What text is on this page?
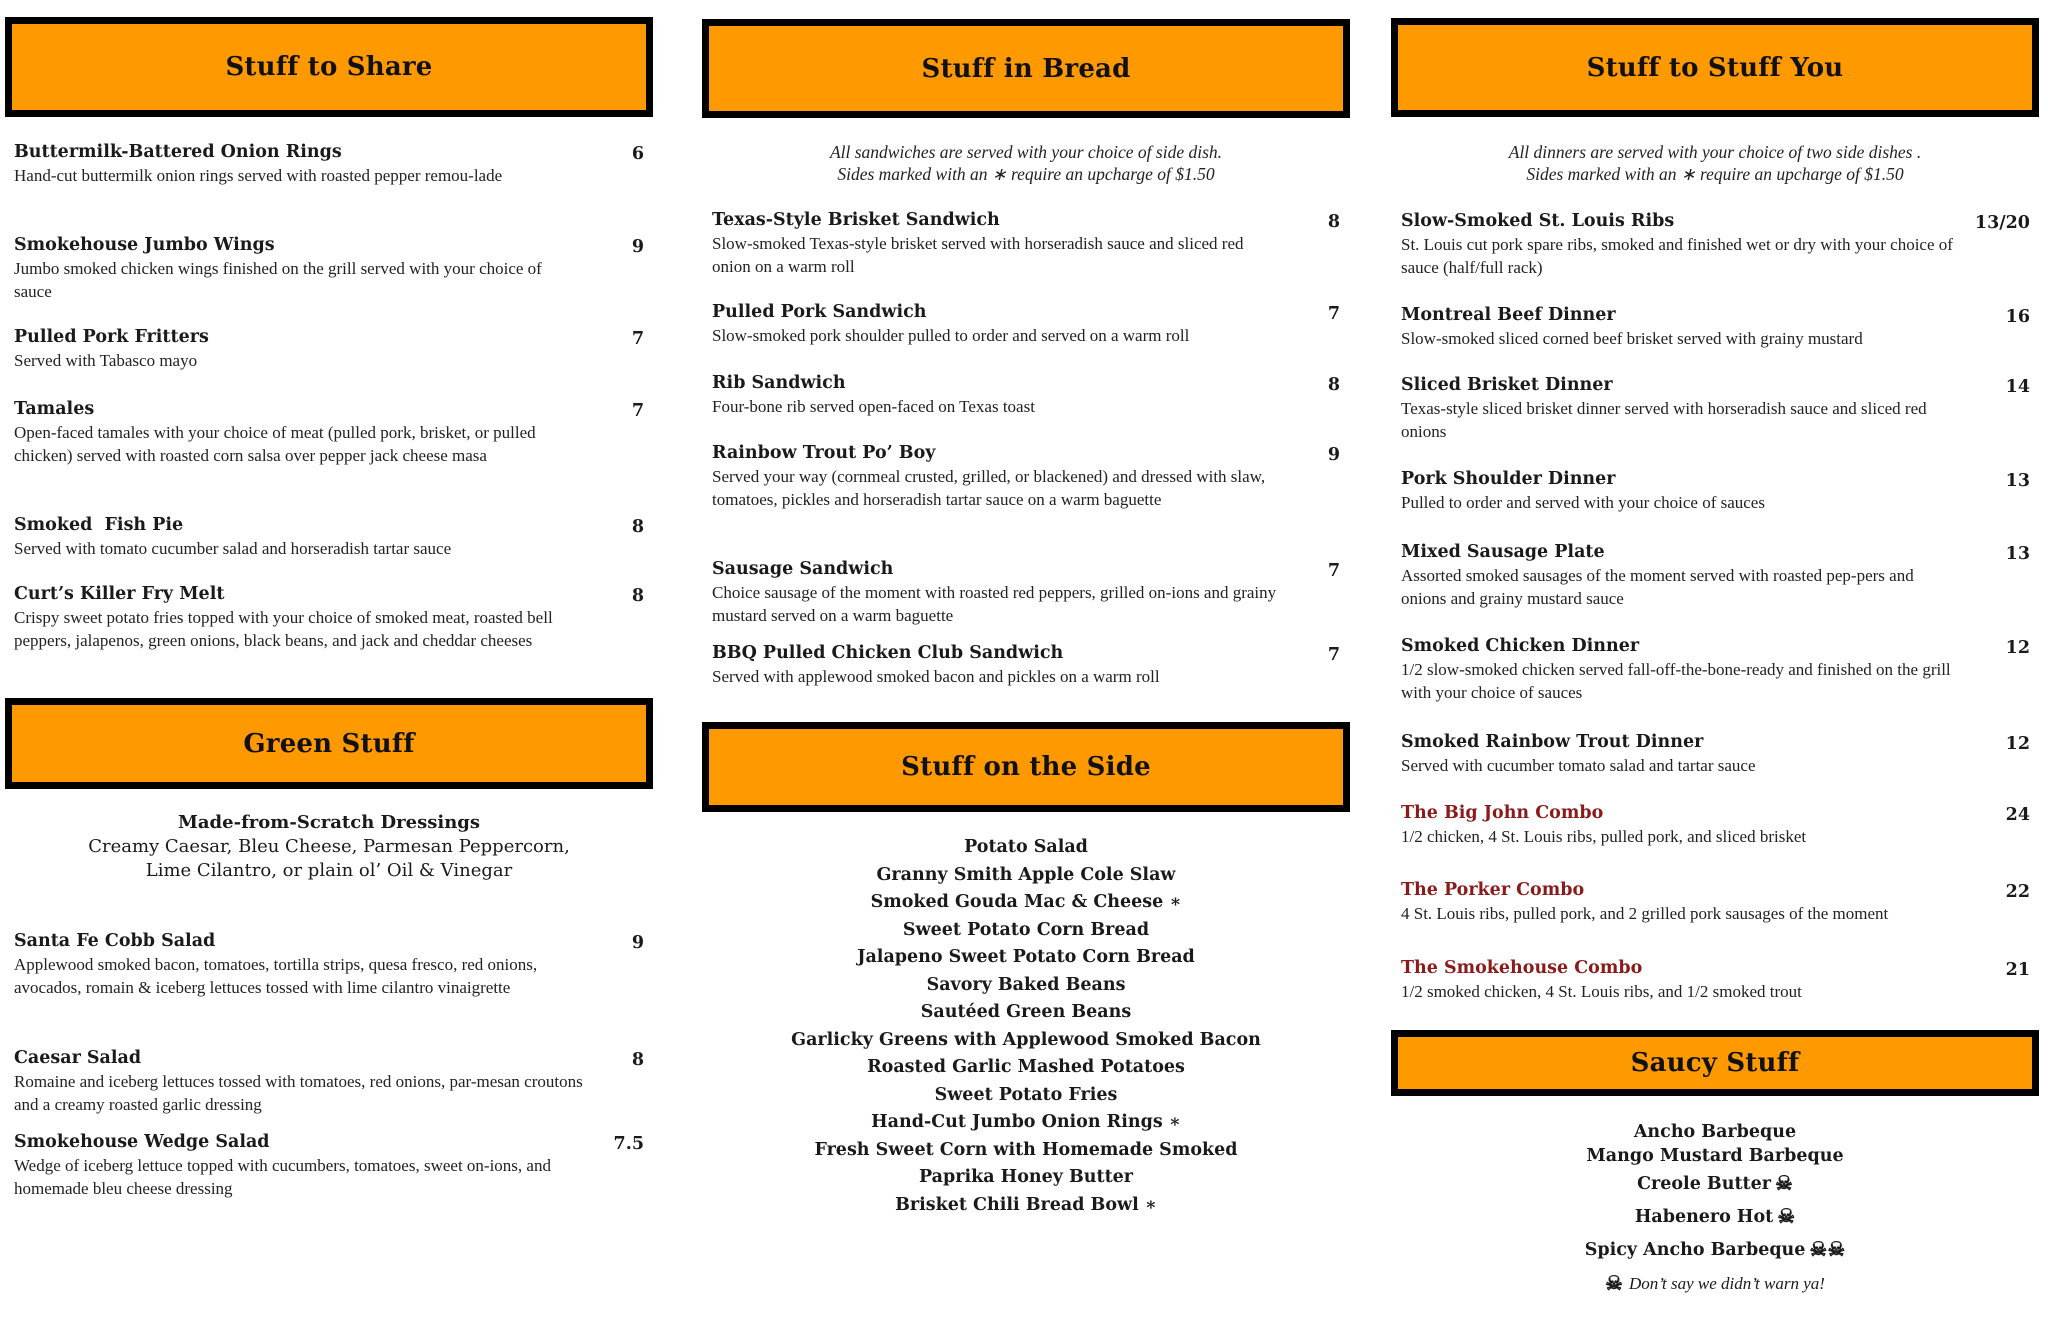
Stuff to Share
Buttermilk-Battered Onion Rings
Hand-cut buttermilk onion rings served with roasted pepper remou-lade
6
Smokehouse Jumbo Wings
Jumbo smoked chicken wings finished on the grill served with your choice of sauce
9
Pulled Pork Fritters
Served with Tabasco mayo
7
Tamales
Open-faced tamales with your choice of meat (pulled pork, brisket, or pulled chicken) served with roasted corn salsa over pepper jack cheese masa
7
Smoked  Fish Pie
Served with tomato cucumber salad and horseradish tartar sauce
8
Curt’s Killer Fry Melt
Crispy sweet potato fries topped with your choice of smoked meat, roasted bell peppers, jalapenos, green onions, black beans, and jack and cheddar cheeses
8
Green Stuff
Made-from-Scratch Dressings
Creamy Caesar, Bleu Cheese, Parmesan Peppercorn,
Lime Cilantro, or plain ol’ Oil & Vinegar
Santa Fe Cobb Salad
Applewood smoked bacon, tomatoes, tortilla strips, quesa fresco, red onions, avocados, romain & iceberg lettuces tossed with lime cilantro vinaigrette
9
Caesar Salad
Romaine and iceberg lettuces tossed with tomatoes, red onions, par-mesan croutons and a creamy roasted garlic dressing
8
Smokehouse Wedge Salad
Wedge of iceberg lettuce topped with cucumbers, tomatoes, sweet on-ions, and homemade bleu cheese dressing
7.5
Stuff in Bread
All sandwiches are served with your choice of side dish.
Sides marked with an ∗ require an upcharge of $1.50
Texas-Style Brisket Sandwich
Slow-smoked Texas-style brisket served with horseradish sauce and sliced red onion on a warm roll
8
Pulled Pork Sandwich
Slow-smoked pork shoulder pulled to order and served on a warm roll
7
Rib Sandwich
Four-bone rib served open-faced on Texas toast
8
Rainbow Trout Po’ Boy
Served your way (cornmeal crusted, grilled, or blackened) and dressed with slaw, tomatoes, pickles and horseradish tartar sauce on a warm baguette
9
Sausage Sandwich
Choice sausage of the moment with roasted red peppers, grilled on-ions and grainy mustard served on a warm baguette
7
BBQ Pulled Chicken Club Sandwich
Served with applewood smoked bacon and pickles on a warm roll
7
Stuff on the Side
Potato Salad
Granny Smith Apple Cole Slaw
Smoked Gouda Mac & Cheese ∗
Sweet Potato Corn Bread
Jalapeno Sweet Potato Corn Bread
Savory Baked Beans
Sautéed Green Beans
Garlicky Greens with Applewood Smoked Bacon
Roasted Garlic Mashed Potatoes
Sweet Potato Fries
Hand-Cut Jumbo Onion Rings ∗
Fresh Sweet Corn with Homemade Smoked
Paprika Honey Butter
Brisket Chili Bread Bowl ∗
Stuff to Stuff You
All dinners are served with your choice of two side dishes .
Sides marked with an ∗ require an upcharge of $1.50
Slow-Smoked St. Louis Ribs
St. Louis cut pork spare ribs, smoked and finished wet or dry with your choice of sauce (half/full rack)
13/20
Montreal Beef Dinner
Slow-smoked sliced corned beef brisket served with grainy mustard
16
Sliced Brisket Dinner
Texas-style sliced brisket dinner served with horseradish sauce and sliced red onions
14
Pork Shoulder Dinner
Pulled to order and served with your choice of sauces
13
Mixed Sausage Plate
Assorted smoked sausages of the moment served with roasted pep-pers and onions and grainy mustard sauce
13
Smoked Chicken Dinner
1/2 slow-smoked chicken served fall-off-the-bone-ready and finished on the grill with your choice of sauces
12
Smoked Rainbow Trout Dinner
Served with cucumber tomato salad and tartar sauce
12
The Big John Combo
1/2 chicken, 4 St. Louis ribs, pulled pork, and sliced brisket
24
The Porker Combo
4 St. Louis ribs, pulled pork, and 2 grilled pork sausages of the moment
22
The Smokehouse Combo
1/2 smoked chicken, 4 St. Louis ribs, and 1/2 smoked trout
21
Saucy Stuff
Ancho Barbeque
Mango Mustard Barbeque
Creole Butter ☠
Habenero Hot ☠
Spicy Ancho Barbeque ☠☠
☠ Don’t say we didn’t warn ya!
